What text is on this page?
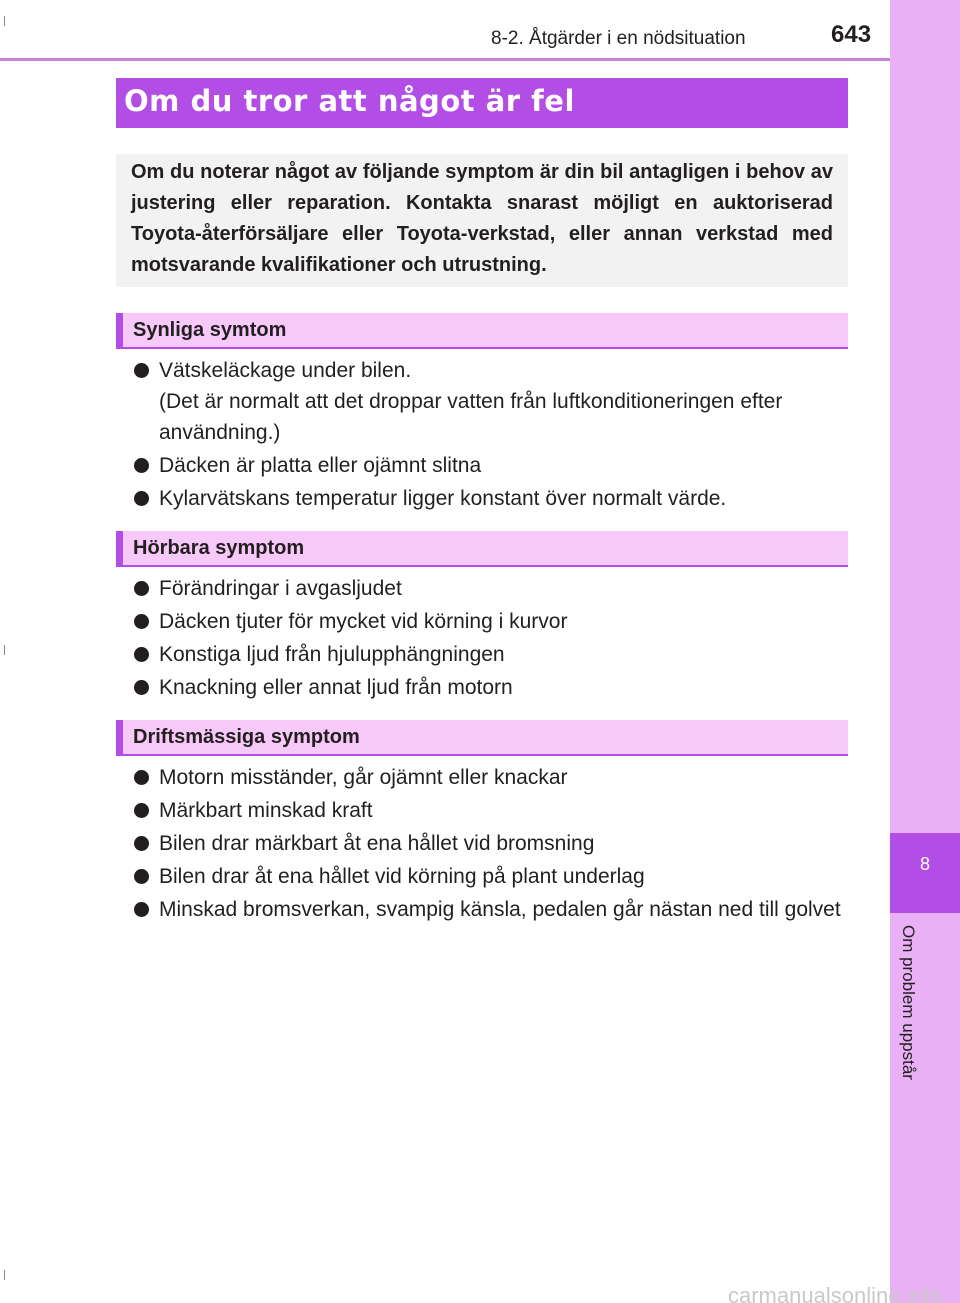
8-2. Åtgärder i en nödsituation	643
8
Om problem uppstår
Om du tror att något är fel
Om du noterar något av följande symptom är din bil antagligen i behov av justering eller reparation. Kontakta snarast möjligt en auktoriserad Toyota-återförsäljare eller Toyota-verkstad, eller annan verkstad med motsvarande kvalifikationer och utrustning.
Synliga symtom
Vätskeläckage under bilen.
(Det är normalt att det droppar vatten från luftkonditioneringen efter användning.)
Däcken är platta eller ojämnt slitna
Kylarvätskans temperatur ligger konstant över normalt värde.
Hörbara symptom
Förändringar i avgasljudet
Däcken tjuter för mycket vid körning i kurvor
Konstiga ljud från hjulupphängningen
Knackning eller annat ljud från motorn
Driftsmässiga symptom
Motorn misständer, går ojämnt eller knackar
Märkbart minskad kraft
Bilen drar märkbart åt ena hållet vid bromsning
Bilen drar åt ena hållet vid körning på plant underlag
Minskad bromsverkan, svampig känsla, pedalen går nästan ned till golvet
carmanualsonline.info
